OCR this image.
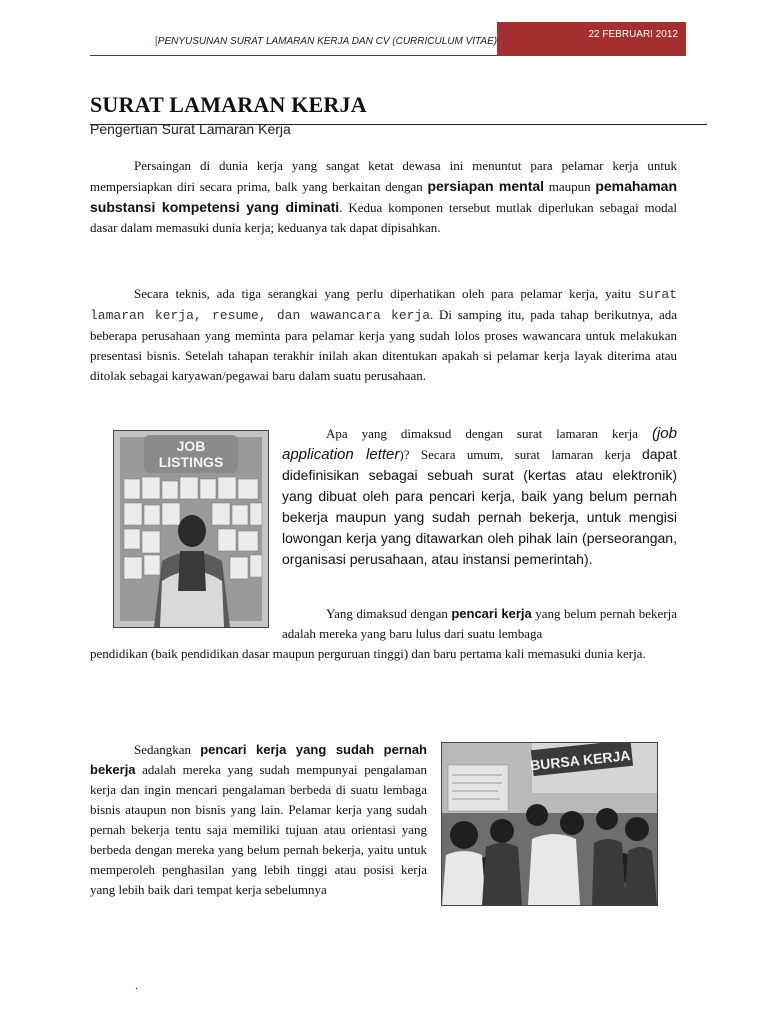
[PENYUSUNAN SURAT LAMARAN KERJA DAN CV (CURRICULUM VITAE)
22 FEBRUARI 2012
SURAT LAMARAN KERJA

Pengertian Surat Lamaran Kerja

Persaingan di dunia kerja yang sangat ketat dewasa ini menuntut para pelamar kerja untuk mempersiapkan diri secara prima, balk yang berkaitan dengan persiapan mental maupun pemahaman substansi kompetensi yang diminati. Kedua komponen tersebut mutlak diperlukan sebagai modal dasar dalam memasuki dunia kerja; keduanya tak dapat dipisahkan.

Secara teknis, ada tiga serangkai yang perlu diperhatikan oleh para pelamar kerja, yaitu surat lamaran kerja, resume, dan wawancara kerja. Di samping itu, pada tahap berikutnya, ada beberapa perusahaan yang meminta para pelamar kerja yang sudah lolos proses wawancara untuk melakukan presentasi bisnis. Setelah tahapan terakhir inilah akan ditentukan apakah si pelamar kerja layak diterima atau ditolak sebagai karyawan/pegawai baru dalam suatu perusahaan.

JOB
LISTINGS

Apa yang dimaksud dengan surat lamaran kerja (job application letter)? Secara umum, surat lamaran kerja dapat didefinisikan sebagai sebuah surat (kertas atau elektronik) yang dibuat oleh para pencari kerja, baik yang belum pernah bekerja maupun yang sudah pernah bekerja, untuk mengisi lowongan kerja yang ditawarkan oleh pihak lain (perseorangan, organisasi perusahaan, atau instansi pemerintah).

Yang dimaksud dengan pencari kerja yang belum pernah bekerja adalah mereka yang baru lulus dari suatu lembaga

pendidikan (baik pendidikan dasar maupun perguruan tinggi) dan baru pertama kali memasuki dunia kerja.

Sedangkan pencari kerja yang sudah pernah bekerja adalah mereka yang sudah mempunyai pengalaman kerja dan ingin mencari pengalaman berbeda di suatu lembaga bisnis ataupun non bisnis yang lain. Pelamar kerja yang sudah pernah bekerja tentu saja memiliki tujuan atau orientasi yang berbeda dengan mereka yang belum pernah bekerja, yaitu untuk memperoleh penghasilan yang lebih tinggi atau posisi kerja yang lebih baik dari tempat kerja sebelumnya

BURSA KERJA
.
